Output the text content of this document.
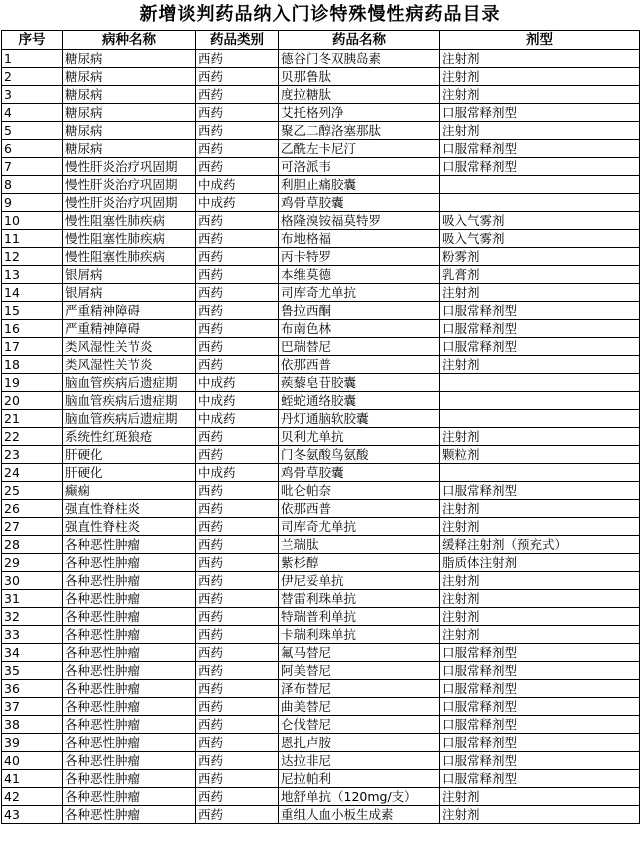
新增谈判药品纳入门诊特殊慢性病药品目录
序号	病种名称	药品类别	药品名称	剂型
1	糖尿病	西药	德谷门冬双胰岛素	注射剂
2	糖尿病	西药	贝那鲁肽	注射剂
3	糖尿病	西药	度拉糖肽	注射剂
4	糖尿病	西药	艾托格列净	口服常释剂型
5	糖尿病	西药	聚乙二醇洛塞那肽	注射剂
6	糖尿病	西药	乙酰左卡尼汀	口服常释剂型
7	慢性肝炎治疗巩固期	西药	可洛派韦	口服常释剂型
8	慢性肝炎治疗巩固期	中成药	利胆止痛胶囊	
9	慢性肝炎治疗巩固期	中成药	鸡骨草胶囊	
10	慢性阻塞性肺疾病	西药	格隆溴铵福莫特罗	吸入气雾剂
11	慢性阻塞性肺疾病	西药	布地格福	吸入气雾剂
12	慢性阻塞性肺疾病	西药	丙卡特罗	粉雾剂
13	银屑病	西药	本维莫德	乳膏剂
14	银屑病	西药	司库奇尤单抗	注射剂
15	严重精神障碍	西药	鲁拉西酮	口服常释剂型
16	严重精神障碍	西药	布南色林	口服常释剂型
17	类风湿性关节炎	西药	巴瑞替尼	口服常释剂型
18	类风湿性关节炎	西药	依那西普	注射剂
19	脑血管疾病后遗症期	中成药	蒺藜皂苷胶囊	
20	脑血管疾病后遗症期	中成药	蛭蛇通络胶囊	
21	脑血管疾病后遗症期	中成药	丹灯通脑软胶囊	
22	系统性红斑狼疮	西药	贝利尤单抗	注射剂
23	肝硬化	西药	门冬氨酸鸟氨酸	颗粒剂
24	肝硬化	中成药	鸡骨草胶囊	
25	癫痫	西药	吡仑帕奈	口服常释剂型
26	强直性脊柱炎	西药	依那西普	注射剂
27	强直性脊柱炎	西药	司库奇尤单抗	注射剂
28	各种恶性肿瘤	西药	兰瑞肽	缓释注射剂（预充式）
29	各种恶性肿瘤	西药	紫杉醇	脂质体注射剂
30	各种恶性肿瘤	西药	伊尼妥单抗	注射剂
31	各种恶性肿瘤	西药	替雷利珠单抗	注射剂
32	各种恶性肿瘤	西药	特瑞普利单抗	注射剂
33	各种恶性肿瘤	西药	卡瑞利珠单抗	注射剂
34	各种恶性肿瘤	西药	氟马替尼	口服常释剂型
35	各种恶性肿瘤	西药	阿美替尼	口服常释剂型
36	各种恶性肿瘤	西药	泽布替尼	口服常释剂型
37	各种恶性肿瘤	西药	曲美替尼	口服常释剂型
38	各种恶性肿瘤	西药	仑伐替尼	口服常释剂型
39	各种恶性肿瘤	西药	恩扎卢胺	口服常释剂型
40	各种恶性肿瘤	西药	达拉非尼	口服常释剂型
41	各种恶性肿瘤	西药	尼拉帕利	口服常释剂型
42	各种恶性肿瘤	西药	地舒单抗（120mg/支）	注射剂
43	各种恶性肿瘤	西药	重组人血小板生成素	注射剂
